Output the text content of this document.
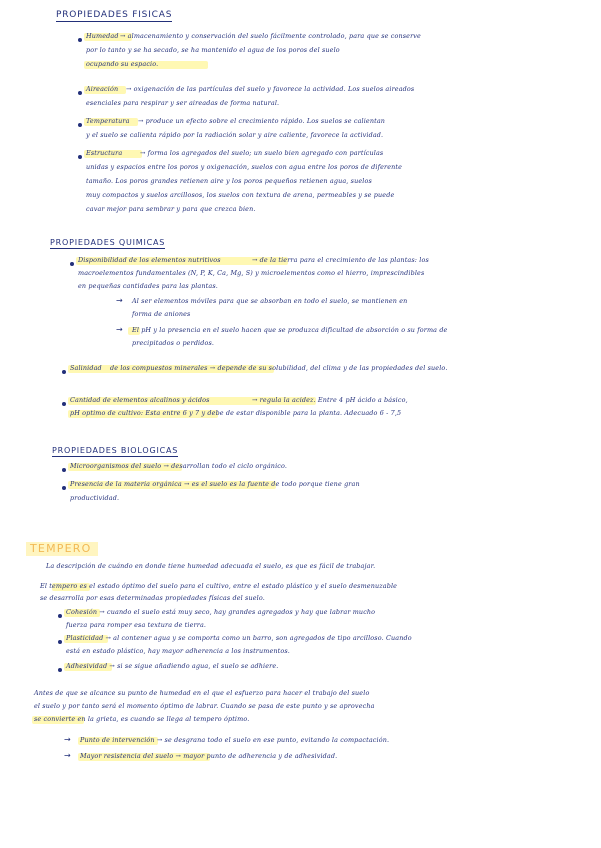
PROPIEDADES FISICAS
Humedad → almacenamiento y conservación del suelo fácilmente controlado, para que se conserve
por lo tanto y se ha secado, se ha mantenido el agua de los poros del suelo
ocupando su espacio.
Aireación → oxigenación de las partículas del suelo y favorece la actividad. Los suelos aireados
esenciales para respirar y ser aireadas de forma natural.
Temperatura → produce un efecto sobre el crecimiento rápido. Los suelos se calientan
y el suelo se calienta rápido por la radiación solar y aire caliente, favorece la actividad.
Estructura	→ forma los agregados del suelo; un suelo bien agregado con partículas
unidas y espacios entre los poros y oxigenación, suelos con agua entre los poros de diferente
tamaño. Los poros grandes retienen aire y los poros pequeños retienen agua, suelos
muy compactos y suelos arcillosos, los suelos con textura de arena, permeables y se puede
cavar mejor para sembrar y para que crezca bien.
PROPIEDADES QUIMICAS
Disponibilidad de los elementos nutritivos	→ de la tierra para el crecimiento de las plantas: los
macroelementos fundamentales (N, P, K, Ca, Mg, S) y microelementos como el hierro, imprescindibles
en pequeñas cantidades para las plantas.
→ Al ser elementos móviles para que se absorban en todo el suelo, se mantienen en
forma de aniones
→ El pH y la presencia en el suelo hacen que se produzca dificultad de absorción o su forma de
precipitados o perdidos.
Salinidad de los compuestos minerales → depende de su solubilidad, del clima y de las propiedades del suelo.
Cantidad de elementos alcalinos y ácidos	→ regula la acidez. Entre 4 pH ácido a básico,
pH optimo de cultivo: Esta entre 6 y 7 y debe de estar disponible para la planta. Adecuado 6 - 7,5
PROPIEDADES BIOLOGICAS
Microorganismos del suelo → desarrollan todo el ciclo orgánico.
Presencia de la materia orgánica → es el suelo es la fuente de todo porque tiene gran
productividad.
TEMPERO
La descripción de cuándo en donde tiene humedad adecuada el suelo, es que es fácil de trabajar.
El tempero es el estado óptimo del suelo para el cultivo, entre el estado plástico y el suelo desmenuzable
se desarrolla por esas determinadas propiedades físicas del suelo.
Cohesión → cuando el suelo está muy seco, hay grandes agregados y hay que labrar mucho
fuerza para romper esa textura de tierra.
Plasticidad → al contener agua y se comporta como un barro, son agregados de tipo arcilloso. Cuando
está en estado plástico, hay mayor adherencia a los instrumentos.
Adhesividad → si se sigue añadiendo agua, el suelo se adhiere.
Antes de que se alcance su punto de humedad en el que el esfuerzo para hacer el trabajo del suelo
el suelo y por tanto será el momento óptimo de labrar. Cuando se pasa de este punto y se aprovecha
se convierte en la grieta, es cuando se llega al tempero óptimo.
→ Punto de intervención → se desgrana todo el suelo en ese punto, evitando la compactación.
→ Mayor resistencia del suelo → mayor punto de adherencia y de adhesividad.
